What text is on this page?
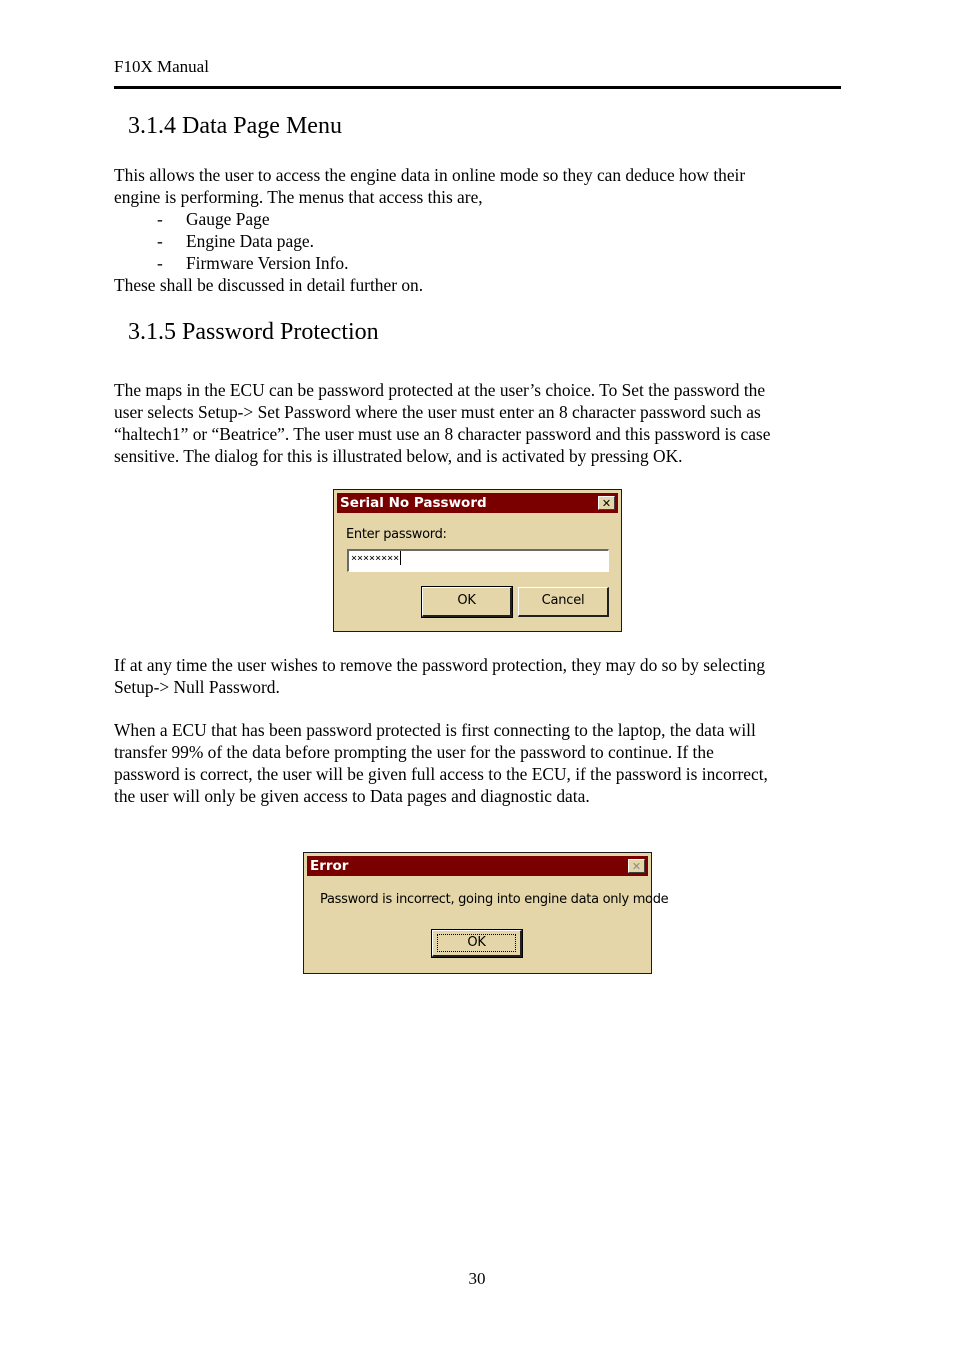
F10X Manual
3.1.4 Data Page Menu

This allows the user to access the engine data in online mode so they can deduce how their

engine is performing. The menus that access this are,

- Gauge Page
- Engine Data page.
- Firmware Version Info.
These shall be discussed in detail further on.
3.1.5 Password Protection

The maps in the ECU can be password protected at the user’s choice. To Set the password the

user selects Setup-> Set Password where the user must enter an 8 character password such as

“haltech1” or “Beatrice”. The user must use an 8 character password and this password is case

sensitive. The dialog for this is illustrated below, and is activated by pressing OK.

Serial No Password	✕
Enter password:
××××××××
OK	Cancel

If at any time the user wishes to remove the password protection, they may do so by selecting

Setup-> Null Password.

When a ECU that has been password protected is first connecting to the laptop, the data will

transfer 99% of the data before prompting the user for the password to continue. If the

password is correct, the user will be given full access to the ECU, if the password is incorrect,

the user will only be given access to Data pages and diagnostic data.

Error	✕
Password is incorrect, going into engine data only mode
OK
30
